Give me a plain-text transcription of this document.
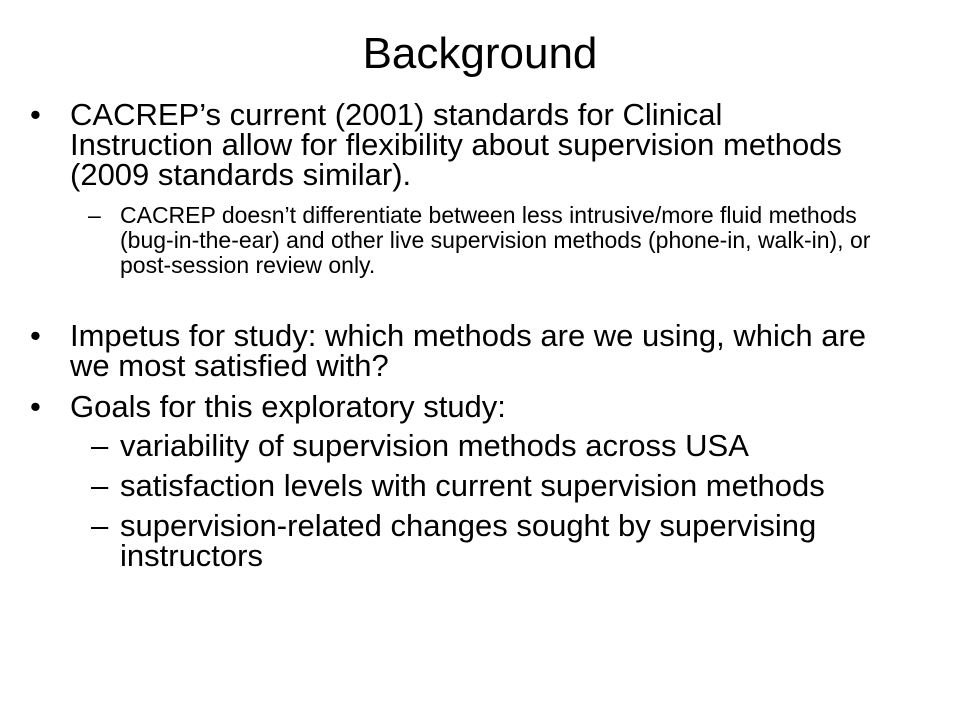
Background
• CACREP’s current (2001) standards for Clinical Instruction allow for flexibility about supervision methods (2009 standards similar).
– CACREP doesn’t differentiate between less intrusive/more fluid methods (bug-in-the-ear) and other live supervision methods (phone-in, walk-in), or post-session review only.
• Impetus for study: which methods are we using, which are we most satisfied with?
• Goals for this exploratory study:
– variability of supervision methods across USA
– satisfaction levels with current supervision methods
– supervision-related changes sought by supervising instructors
